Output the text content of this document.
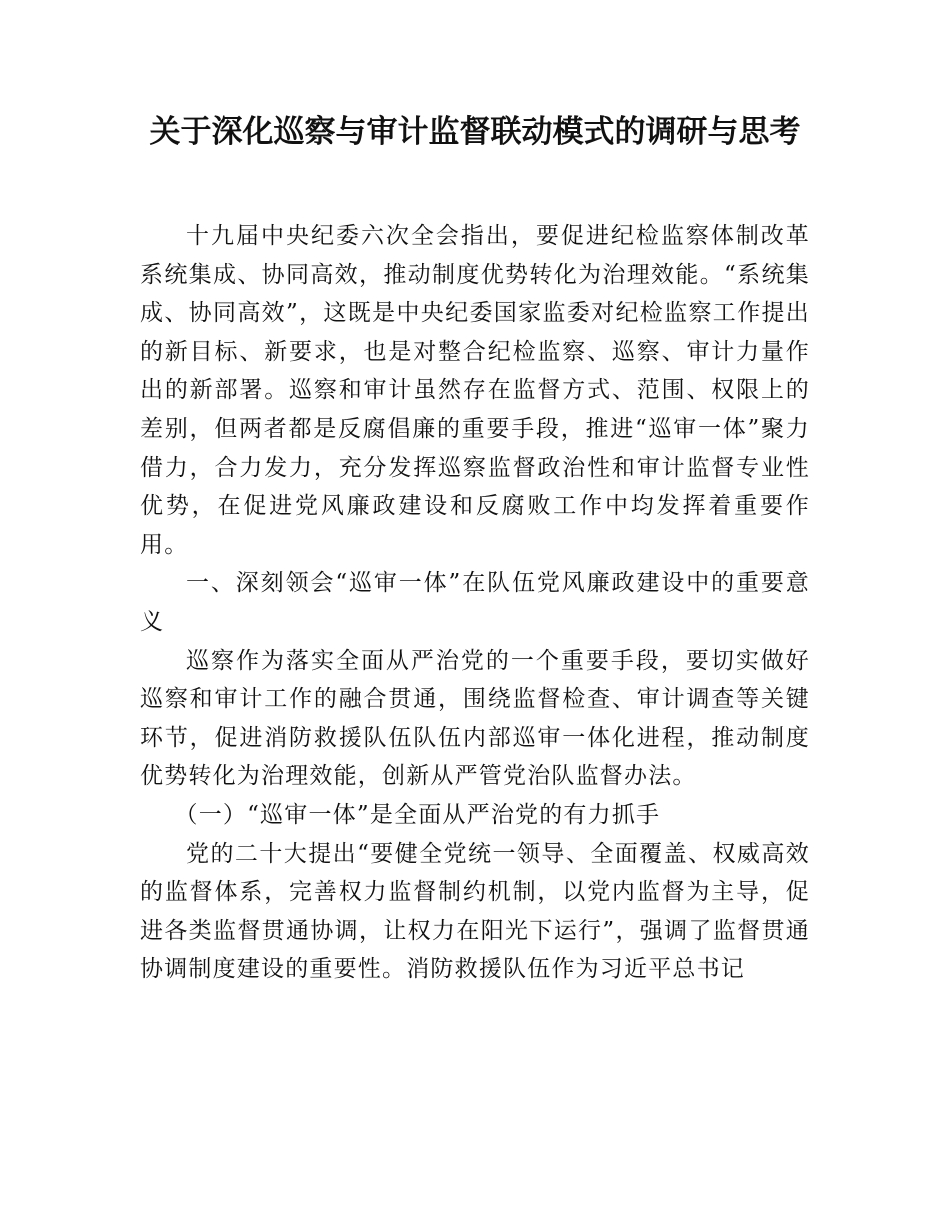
关于深化巡察与审计监督联动模式的调研与思考

十九届中央纪委六次全会指出，要促进纪检监察体制改革系统集成、协同高效，推动制度优势转化为治理效能。“系统集成、协同高效”，这既是中央纪委国家监委对纪检监察工作提出的新目标、新要求，也是对整合纪检监察、巡察、审计力量作出的新部署。巡察和审计虽然存在监督方式、范围、权限上的差别，但两者都是反腐倡廉的重要手段，推进“巡审一体”聚力借力，合力发力，充分发挥巡察监督政治性和审计监督专业性优势，在促进党风廉政建设和反腐败工作中均发挥着重要作用。

一、深刻领会“巡审一体”在队伍党风廉政建设中的重要意义

巡察作为落实全面从严治党的一个重要手段，要切实做好巡察和审计工作的融合贯通，围绕监督检查、审计调查等关键环节，促进消防救援队伍队伍内部巡审一体化进程，推动制度优势转化为治理效能，创新从严管党治队监督办法。

（一）“巡审一体”是全面从严治党的有力抓手

党的二十大提出“要健全党统一领导、全面覆盖、权威高效的监督体系，完善权力监督制约机制，以党内监督为主导，促进各类监督贯通协调，让权力在阳光下运行”，强调了监督贯通协调制度建设的重要性。消防救援队伍作为习近平总书记
